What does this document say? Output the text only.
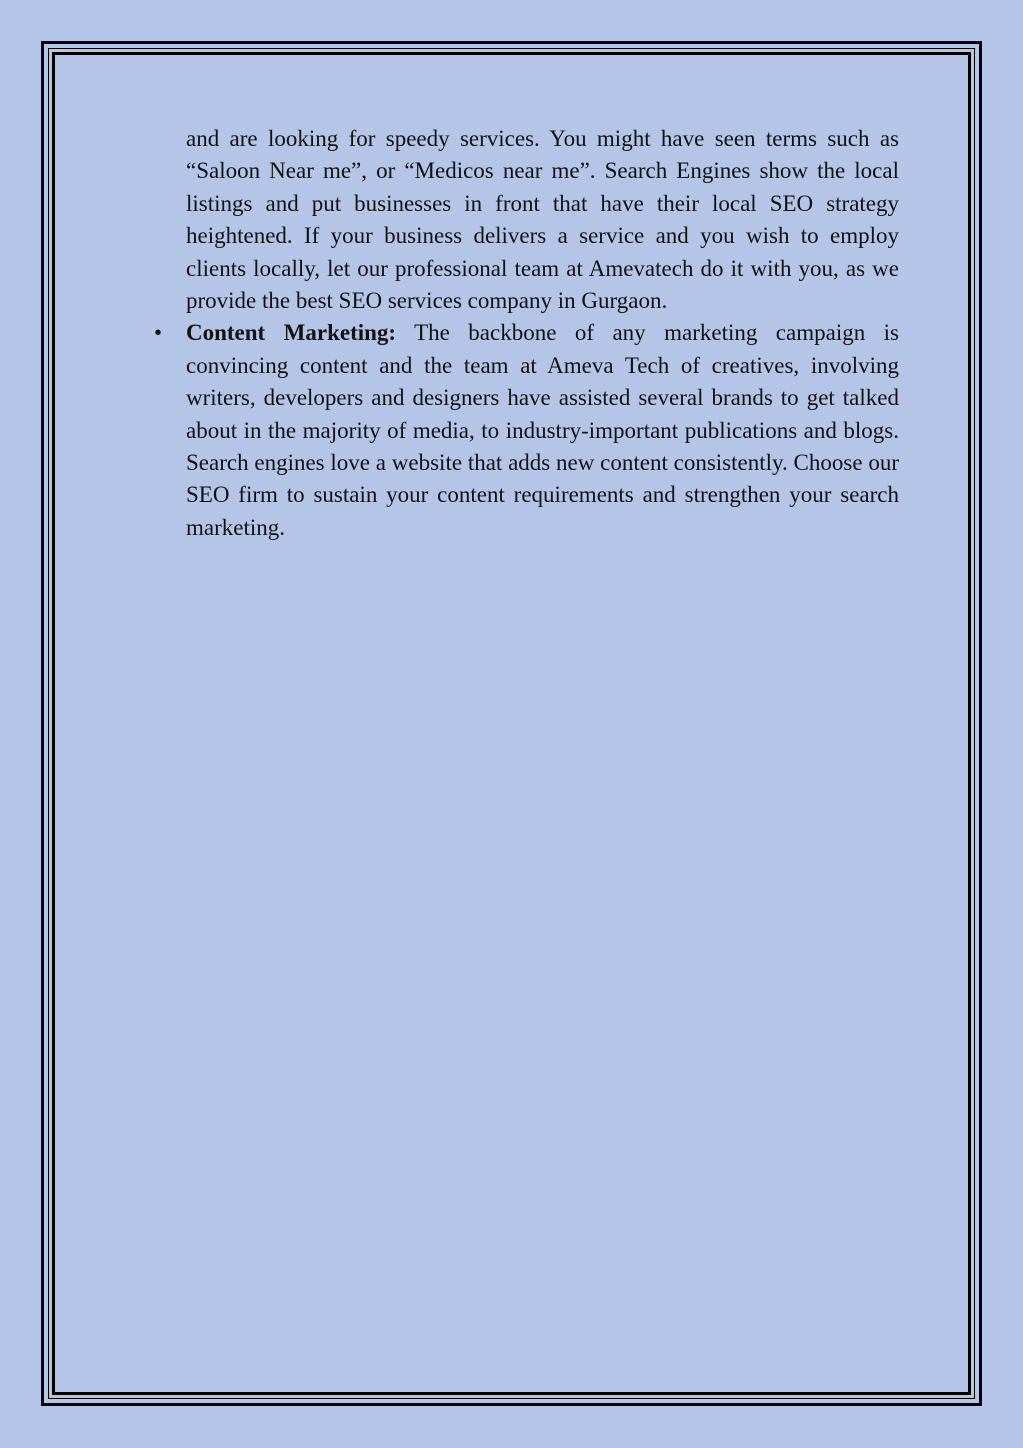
and are looking for speedy services. You might have seen terms such as “Saloon Near me”, or “Medicos near me”. Search Engines show the local listings and put businesses in front that have their local SEO strategy heightened. If your business delivers a service and you wish to employ clients locally, let our professional team at Amevatech do it with you, as we provide the best SEO services company in Gurgaon.

• Content Marketing: The backbone of any marketing campaign is convincing content and the team at Ameva Tech of creatives, involving writers, developers and designers have assisted several brands to get talked about in the majority of media, to industry-important publications and blogs. Search engines love a website that adds new content consistently. Choose our SEO firm to sustain your content requirements and strengthen your search marketing.
